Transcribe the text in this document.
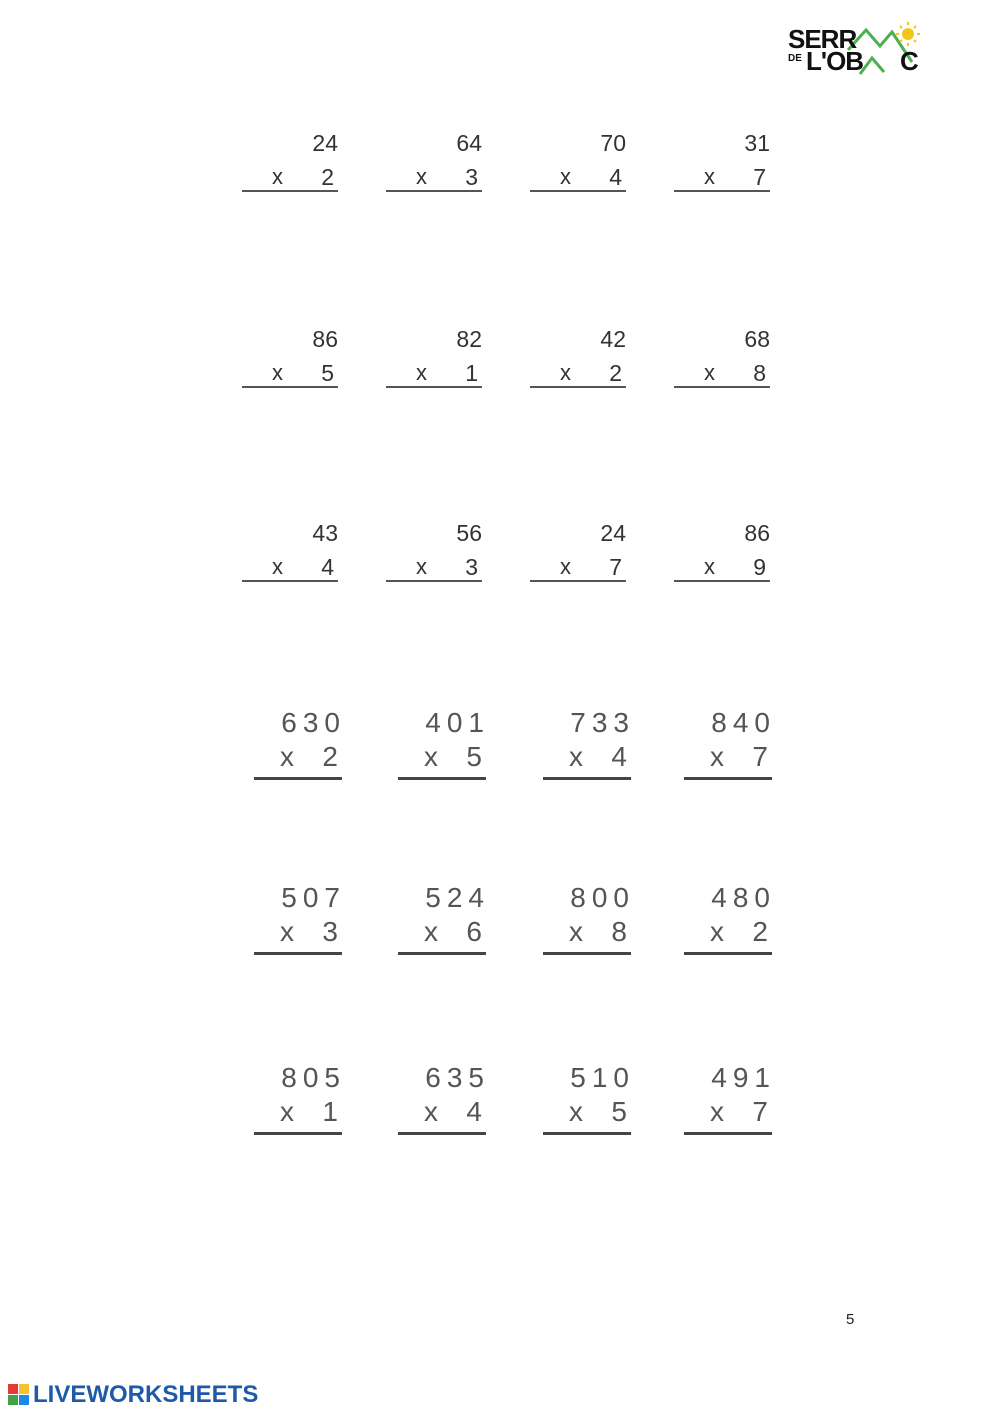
SERR
DE L'OB C
24
x 2
64
x 3
70
x 4
31
x 7
86
x 5
82
x 1
42
x 2
68
x 8
43
x 4
56
x 3
24
x 7
86
x 9
630
x 2
401
x 5
733
x 4
840
x 7
507
x 3
524
x 6
800
x 8
480
x 2
805
x 1
635
x 4
510
x 5
491
x 7
5
LIVEWORKSHEETS
